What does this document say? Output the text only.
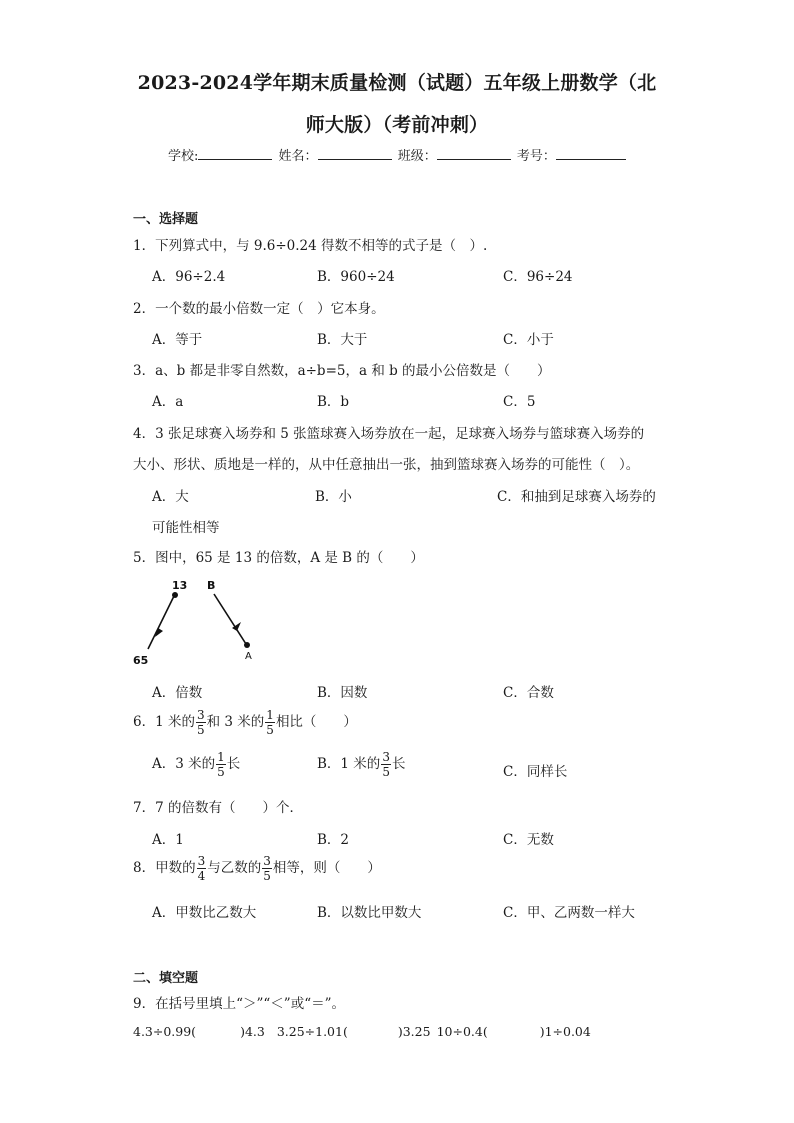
2023-2024学年期末质量检测（试题）五年级上册数学（北
师大版）（考前冲刺）
学校:	姓名：	班级：	考号：
一、选择题
1．下列算式中，与 9.6÷0.24 得数不相等的式子是（　）.
A．96÷2.4	B．960÷24	C．96÷24
2．一个数的最小倍数一定（　）它本身。
A．等于	B．大于	C．小于
3．a、b 都是非零自然数，a÷b=5，a 和 b 的最小公倍数是（　　）
A．a	B．b	C．5
4．3 张足球赛入场券和 5 张篮球赛入场券放在一起，足球赛入场券与篮球赛入场券的
大小、形状、质地是一样的，从中任意抽出一张，抽到篮球赛入场券的可能性（　）。
A．大	B．小	C．和抽到足球赛入场券的
可能性相等
5．图中，65 是 13 的倍数，A 是 B 的（　　）
13 B
65	A
A．倍数	B．因数	C．合数
6．1 米的 $\frac{3}{5}$ 和 3 米的 $\frac{1}{5}$ 相比（　　）
A．3 米的 $\frac{1}{5}$ 长	B．1 米的 $\frac{3}{5}$ 长	C．同样长
7．7 的倍数有（　　）个．
A．1	B．2	C．无数
8．甲数的 $\frac{3}{4}$ 与乙数的 $\frac{3}{5}$ 相等，则（　　）
A．甲数比乙数大	B．以数比甲数大	C．甲、乙两数一样大
二、填空题
9．在括号里填上“＞”“＜”或“＝”。
4.3÷0.99(	)4.3 3.25÷1.01(	)3.25 10÷0.4(	)1÷0.04
